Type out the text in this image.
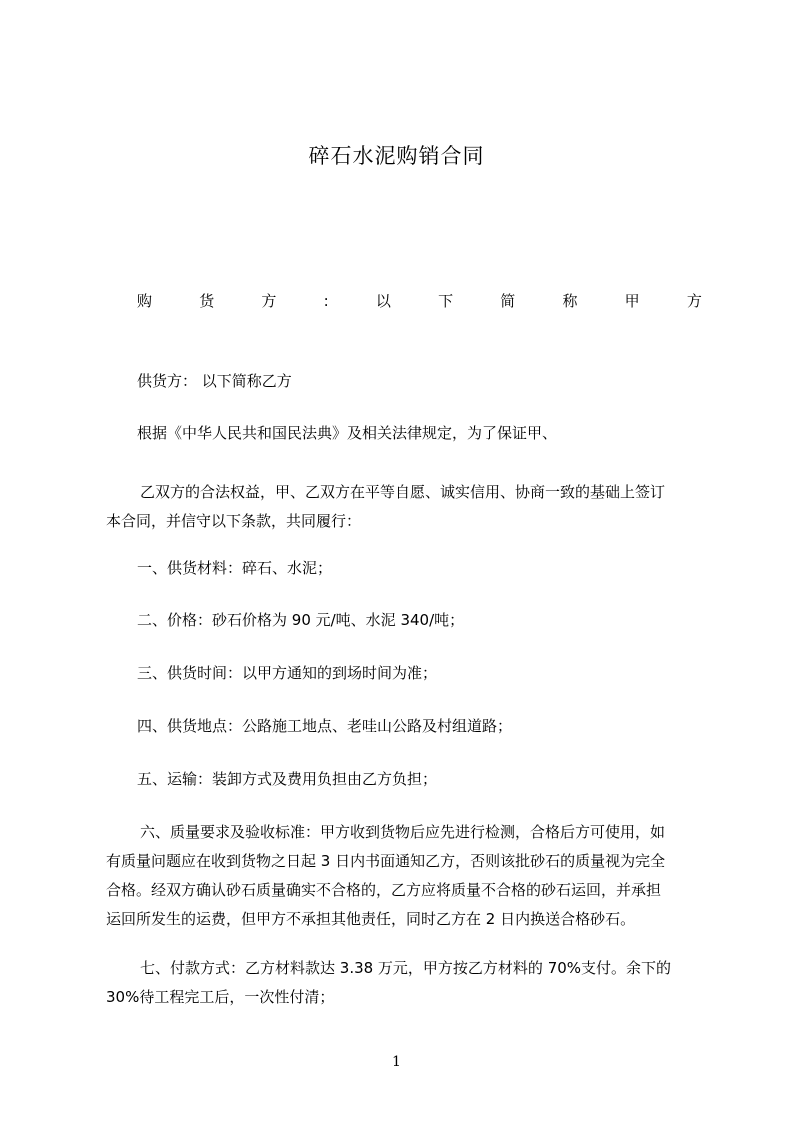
碎石水泥购销合同
购	货	方	:	以	下	简	称	甲	方

供货方： 以下简称乙方

根据《中华人民共和国民法典》及相关法律规定，为了保证甲、

乙双方的合法权益，甲、乙双方在平等自愿、诚实信用、协商一致的基础上签订
本合同，并信守以下条款，共同履行：

一、供货材料：碎石、水泥；

二、价格：砂石价格为 90 元/吨、水泥 340/吨；

三、供货时间：以甲方通知的到场时间为准；

四、供货地点：公路施工地点、老哇山公路及村组道路；

五、运输：装卸方式及费用负担由乙方负担；

六、质量要求及验收标准：甲方收到货物后应先进行检测，合格后方可使用，如
有质量问题应在收到货物之日起 3 日内书面通知乙方，否则该批砂石的质量视为完全
合格。经双方确认砂石质量确实不合格的，乙方应将质量不合格的砂石运回，并承担
运回所发生的运费，但甲方不承担其他责任，同时乙方在 2 日内换送合格砂石。
七、付款方式：乙方材料款达 3.38 万元，甲方按乙方材料的 70%支付。余下的
30%待工程完工后，一次性付清；
1
